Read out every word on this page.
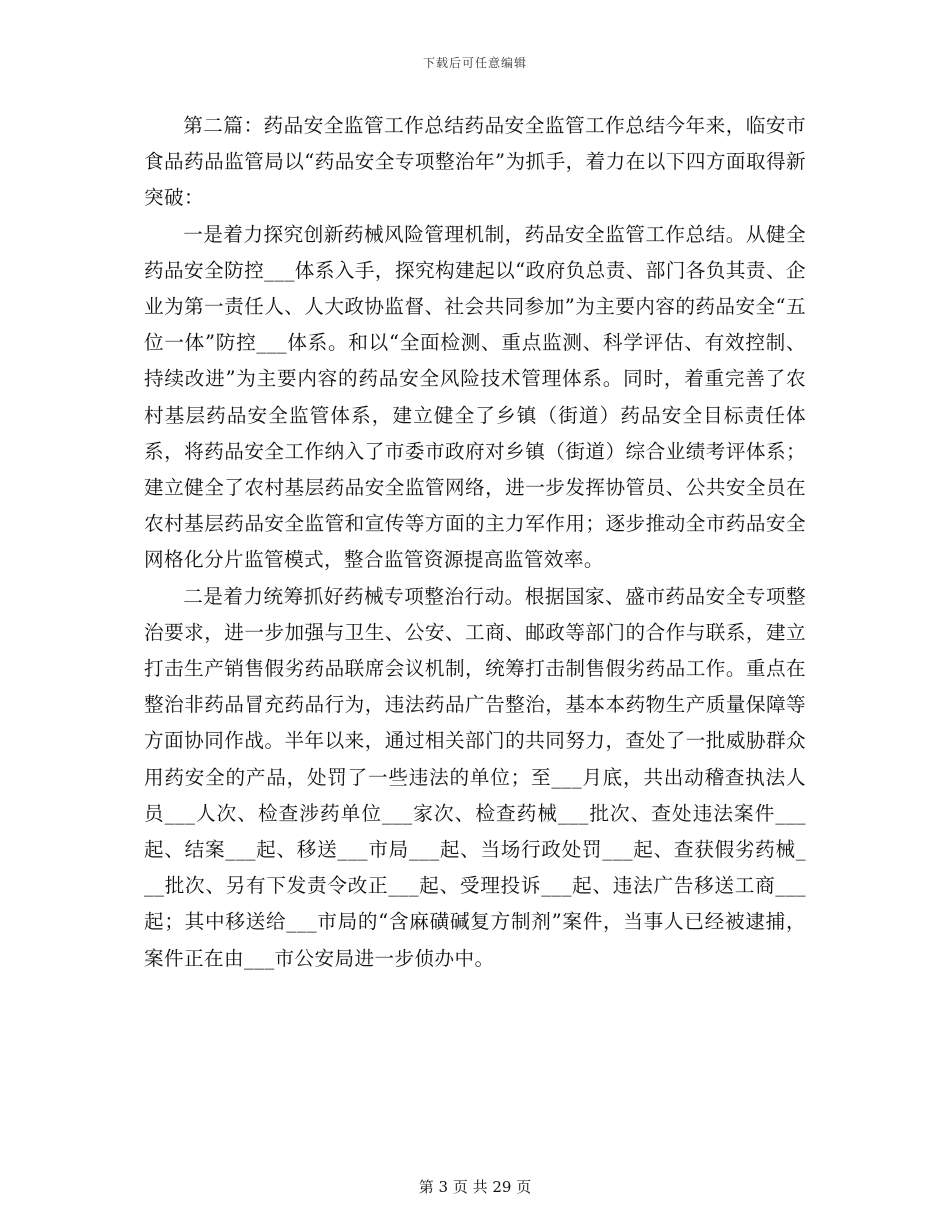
下载后可任意编辑

第二篇：药品安全监管工作总结药品安全监管工作总结今年来，临安市食品药品监管局以“药品安全专项整治年”为抓手，着力在以下四方面取得新突破：

一是着力探究创新药械风险管理机制，药品安全监管工作总结。从健全药品安全防控___体系入手，探究构建起以“政府负总责、部门各负其责、企业为第一责任人、人大政协监督、社会共同参加”为主要内容的药品安全“五位一体”防控___体系。和以“全面检测、重点监测、科学评估、有效控制、持续改进”为主要内容的药品安全风险技术管理体系。同时，着重完善了农村基层药品安全监管体系，建立健全了乡镇（街道）药品安全目标责任体系，将药品安全工作纳入了市委市政府对乡镇（街道）综合业绩考评体系；建立健全了农村基层药品安全监管网络，进一步发挥协管员、公共安全员在农村基层药品安全监管和宣传等方面的主力军作用；逐步推动全市药品安全网格化分片监管模式，整合监管资源提高监管效率。

二是着力统筹抓好药械专项整治行动。根据国家、盛市药品安全专项整治要求，进一步加强与卫生、公安、工商、邮政等部门的合作与联系，建立打击生产销售假劣药品联席会议机制，统筹打击制售假劣药品工作。重点在整治非药品冒充药品行为，违法药品广告整治，基本本药物生产质量保障等方面协同作战。半年以来，通过相关部门的共同努力，查处了一批威胁群众用药安全的产品，处罚了一些违法的单位；至___月底，共出动稽查执法人员___人次、检查涉药单位___家次、检查药械___批次、查处违法案件___起、结案___起、移送___市局___起、当场行政处罚___起、查获假劣药械___批次、另有下发责令改正___起、受理投诉___起、违法广告移送工商___起；其中移送给___市局的“含麻磺碱复方制剂”案件，当事人已经被逮捕，案件正在由___市公安局进一步侦办中。

第 3 页 共 29 页
